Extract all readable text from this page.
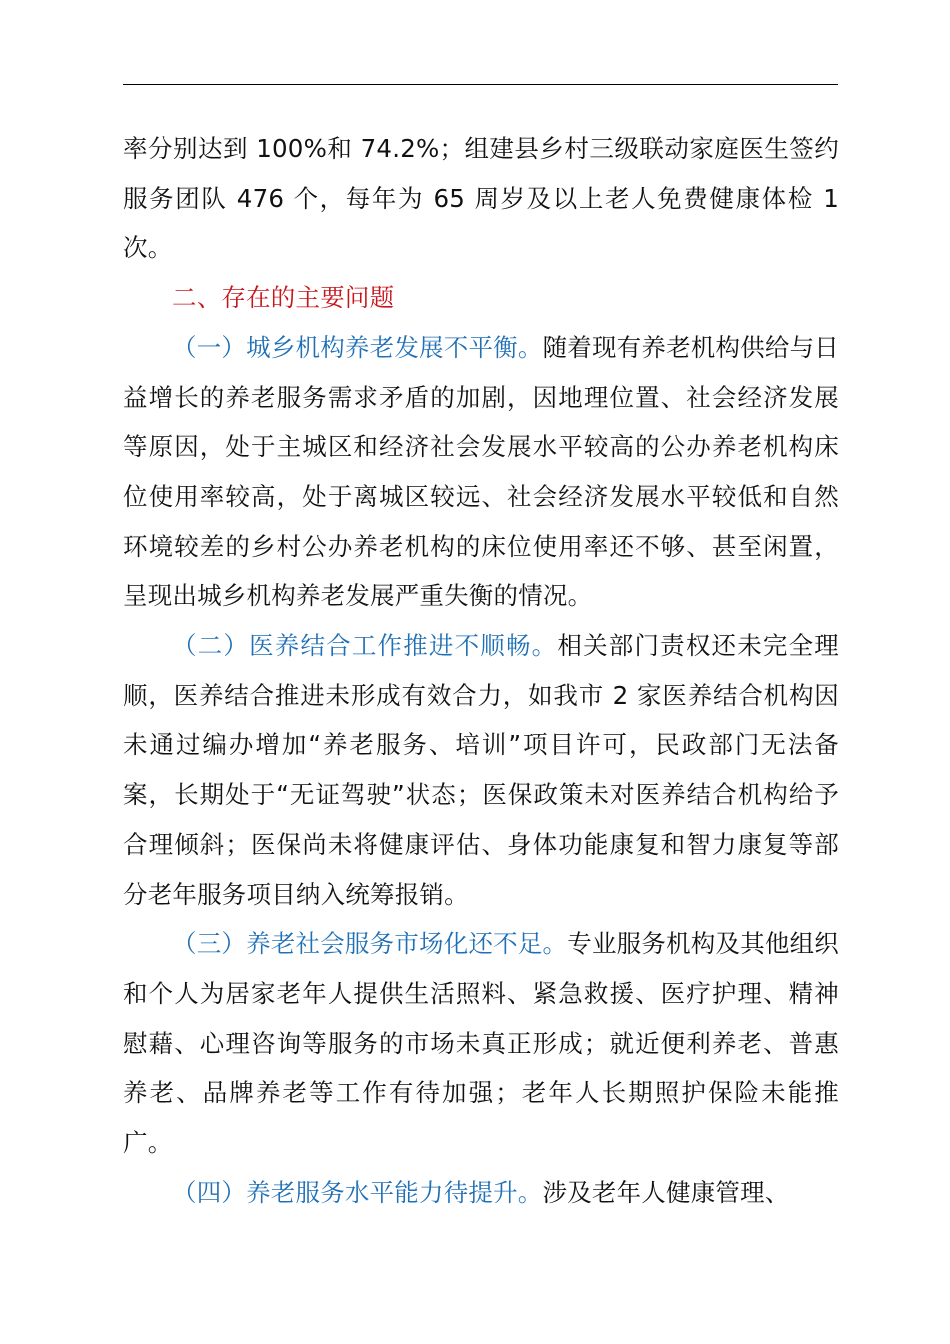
率分别达到 100%和 74.2%；组建县乡村三级联动家庭医生签约服务团队 476 个，每年为 65 周岁及以上老人免费健康体检 1 次。

二、存在的主要问题

（一）城乡机构养老发展不平衡。随着现有养老机构供给与日益增长的养老服务需求矛盾的加剧，因地理位置、社会经济发展等原因，处于主城区和经济社会发展水平较高的公办养老机构床位使用率较高，处于离城区较远、社会经济发展水平较低和自然环境较差的乡村公办养老机构的床位使用率还不够、甚至闲置，呈现出城乡机构养老发展严重失衡的情况。

（二）医养结合工作推进不顺畅。相关部门责权还未完全理顺，医养结合推进未形成有效合力，如我市 2 家医养结合机构因未通过编办增加“养老服务、培训”项目许可，民政部门无法备案，长期处于“无证驾驶”状态；医保政策未对医养结合机构给予合理倾斜；医保尚未将健康评估、身体功能康复和智力康复等部分老年服务项目纳入统筹报销。

（三）养老社会服务市场化还不足。专业服务机构及其他组织和个人为居家老年人提供生活照料、紧急救援、医疗护理、精神慰藉、心理咨询等服务的市场未真正形成；就近便利养老、普惠养老、品牌养老等工作有待加强；老年人长期照护保险未能推广。

（四）养老服务水平能力待提升。涉及老年人健康管理、
